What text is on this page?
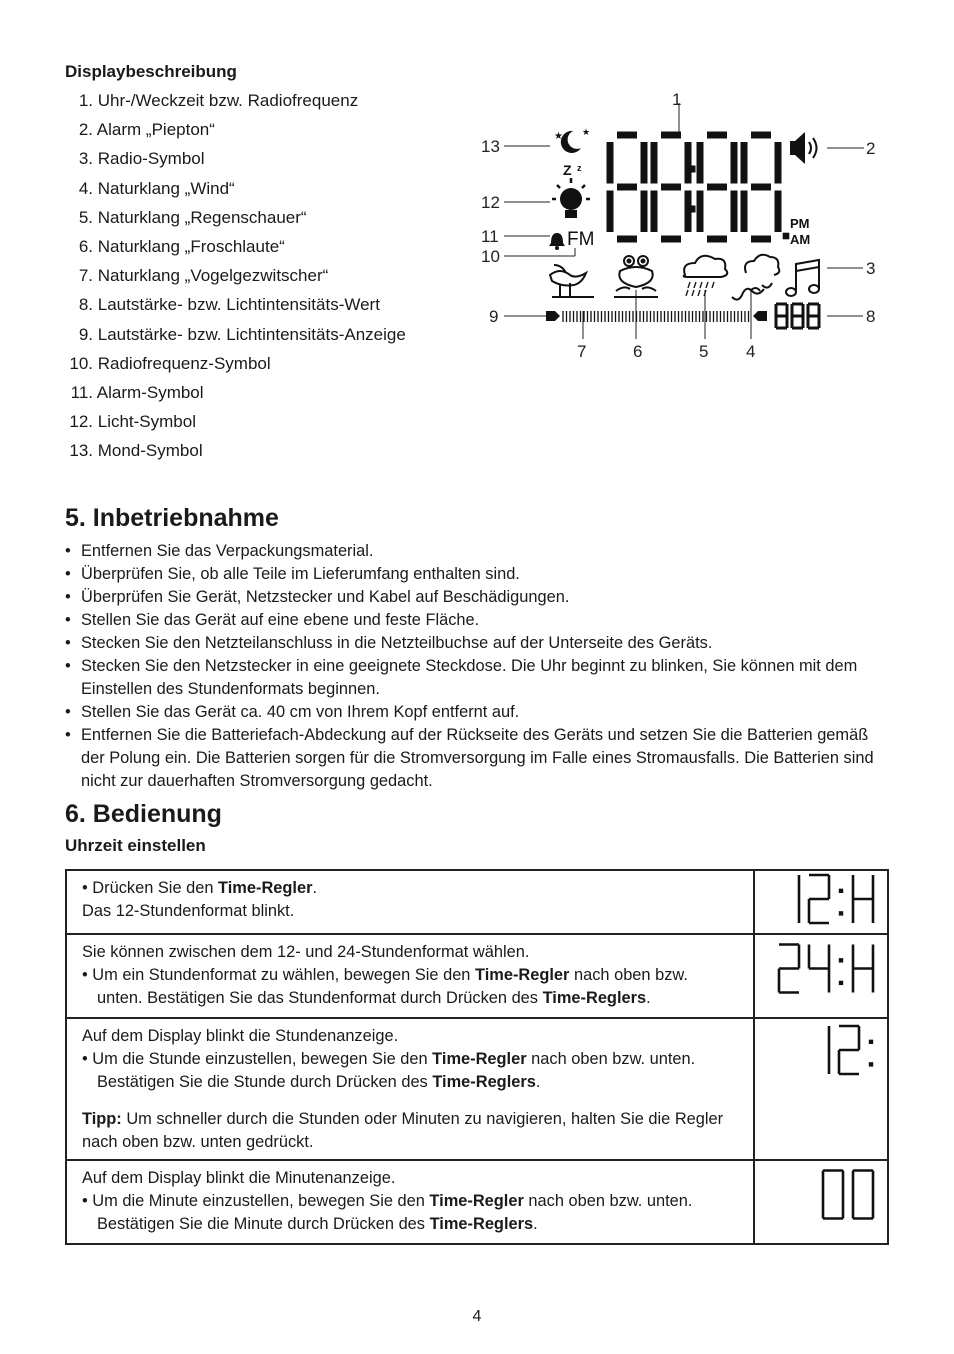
Displaybeschreibung
1. Uhr-/Weckzeit bzw. Radiofrequenz
2. Alarm „Piepton“
3. Radio-Symbol
4. Naturklang „Wind“
5. Naturklang „Regenschauer“
6. Naturklang „Froschlaute“
7. Naturklang „Vogelgezwitscher“
8. Lautstärke- bzw. Lichtintensitäts-Wert
9. Lautstärke- bzw. Lichtintensitäts-Anzeige
10. Radiofrequenz-Symbol
11. Alarm-Symbol
12. Licht-Symbol
13. Mond-Symbol
1
2
3
4
5
6
7
8
9
10
11
12
13
★ ★
Z z
FM
PM
AM
5. Inbetriebnahme
• Entfernen Sie das Verpackungsmaterial.
• Überprüfen Sie, ob alle Teile im Lieferumfang enthalten sind.
• Überprüfen Sie Gerät, Netzstecker und Kabel auf Beschädigungen.
• Stellen Sie das Gerät auf eine ebene und feste Fläche.
• Stecken Sie den Netzteilanschluss in die Netzteilbuchse auf der Unterseite des Geräts.
• Stecken Sie den Netzstecker in eine geeignete Steckdose. Die Uhr beginnt zu blinken, Sie können mit dem Einstellen des Stundenformats beginnen.
• Stellen Sie das Gerät ca. 40 cm von Ihrem Kopf entfernt auf.
• Entfernen Sie die Batteriefach-Abdeckung auf der Rückseite des Geräts und setzen Sie die Batterien gemäß der Polung ein. Die Batterien sorgen für die Stromversorgung im Falle eines Stromausfalls. Die Batterien sind nicht zur dauerhaften Stromversorgung gedacht.
6. Bedienung
Uhrzeit einstellen
• Drücken Sie den Time-Regler.
Das 12-Stundenformat blinkt.

Sie können zwischen dem 12- und 24-Stundenformat wählen.
• Um ein Stundenformat zu wählen, bewegen Sie den Time-Regler nach oben bzw.
unten. Bestätigen Sie das Stundenformat durch Drücken des Time-Reglers.

Auf dem Display blinkt die Stundenanzeige.
• Um die Stunde einzustellen, bewegen Sie den Time-Regler nach oben bzw. unten.
Bestätigen Sie die Stunde durch Drücken des Time-Reglers.
Tipp: Um schneller durch die Stunden oder Minuten zu navigieren, halten Sie die Regler nach oben bzw. unten gedrückt.

Auf dem Display blinkt die Minutenanzeige.
• Um die Minute einzustellen, bewegen Sie den Time-Regler nach oben bzw. unten.
Bestätigen Sie die Minute durch Drücken des Time-Reglers.

4
